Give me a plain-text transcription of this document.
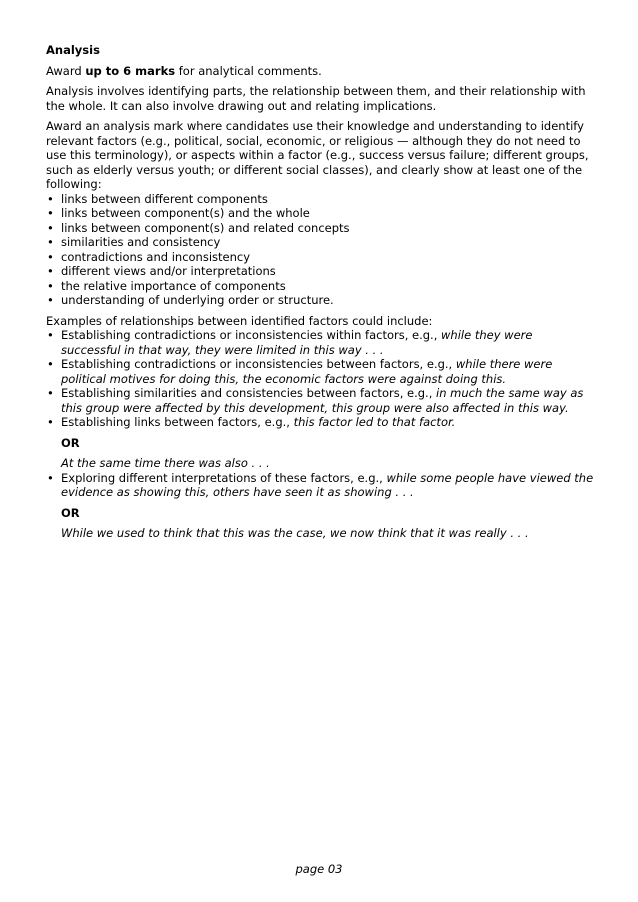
Analysis

Award up to 6 marks for analytical comments.

Analysis involves identifying parts, the relationship between them, and their relationship with the whole. It can also involve drawing out and relating implications.

Award an analysis mark where candidates use their knowledge and understanding to identify relevant factors (e.g., political, social, economic, or religious — although they do not need to use this terminology), or aspects within a factor (e.g., success versus failure; different groups, such as elderly versus youth; or different social classes), and clearly show at least one of the following:

• links between different components
• links between component(s) and the whole
• links between component(s) and related concepts
• similarities and consistency
• contradictions and inconsistency
• different views and/or interpretations
• the relative importance of components
• understanding of underlying order or structure.

Examples of relationships between identified factors could include:

• Establishing contradictions or inconsistencies within factors, e.g., while they were successful in that way, they were limited in this way . . .
• Establishing contradictions or inconsistencies between factors, e.g., while there were political motives for doing this, the economic factors were against doing this.
• Establishing similarities and consistencies between factors, e.g., in much the same way as this group were affected by this development, this group were also affected in this way.
• Establishing links between factors, e.g., this factor led to that factor.
OR

At the same time there was also . . .

• Exploring different interpretations of these factors, e.g., while some people have viewed the evidence as showing this, others have seen it as showing . . .
OR

While we used to think that this was the case, we now think that it was really . . .

page 03
